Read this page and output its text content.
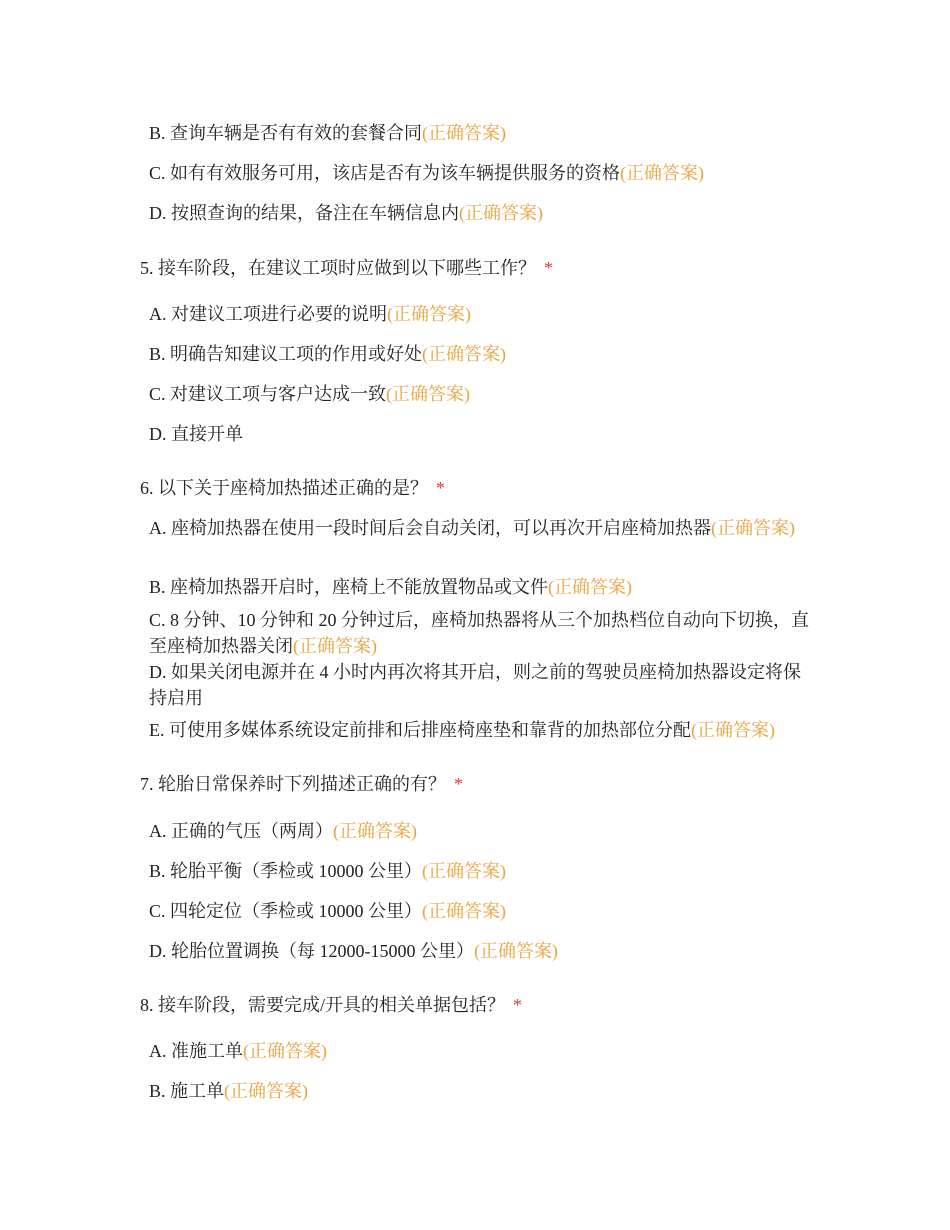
B. 查询车辆是否有有效的套餐合同(正确答案)
C. 如有有效服务可用，该店是否有为该车辆提供服务的资格(正确答案)
D. 按照查询的结果，备注在车辆信息内(正确答案)
5. 接车阶段，在建议工项时应做到以下哪些工作？ *
A. 对建议工项进行必要的说明(正确答案)
B. 明确告知建议工项的作用或好处(正确答案)
C. 对建议工项与客户达成一致(正确答案)
D. 直接开单
6. 以下关于座椅加热描述正确的是？ *
A. 座椅加热器在使用一段时间后会自动关闭，可以再次开启座椅加热器(正确答案)
B. 座椅加热器开启时，座椅上不能放置物品或文件(正确答案)
C. 8 分钟、10 分钟和 20 分钟过后，座椅加热器将从三个加热档位自动向下切换，直至座椅加热器关闭(正确答案)
D. 如果关闭电源并在 4 小时内再次将其开启，则之前的驾驶员座椅加热器设定将保持启用
E. 可使用多媒体系统设定前排和后排座椅座垫和靠背的加热部位分配(正确答案)
7. 轮胎日常保养时下列描述正确的有？ *
A. 正确的气压（两周）(正确答案)
B. 轮胎平衡（季检或 10000 公里）(正确答案)
C. 四轮定位（季检或 10000 公里）(正确答案)
D. 轮胎位置调换（每 12000-15000 公里）(正确答案)
8. 接车阶段，需要完成/开具的相关单据包括？ *
A. 准施工单(正确答案)
B. 施工单(正确答案)
